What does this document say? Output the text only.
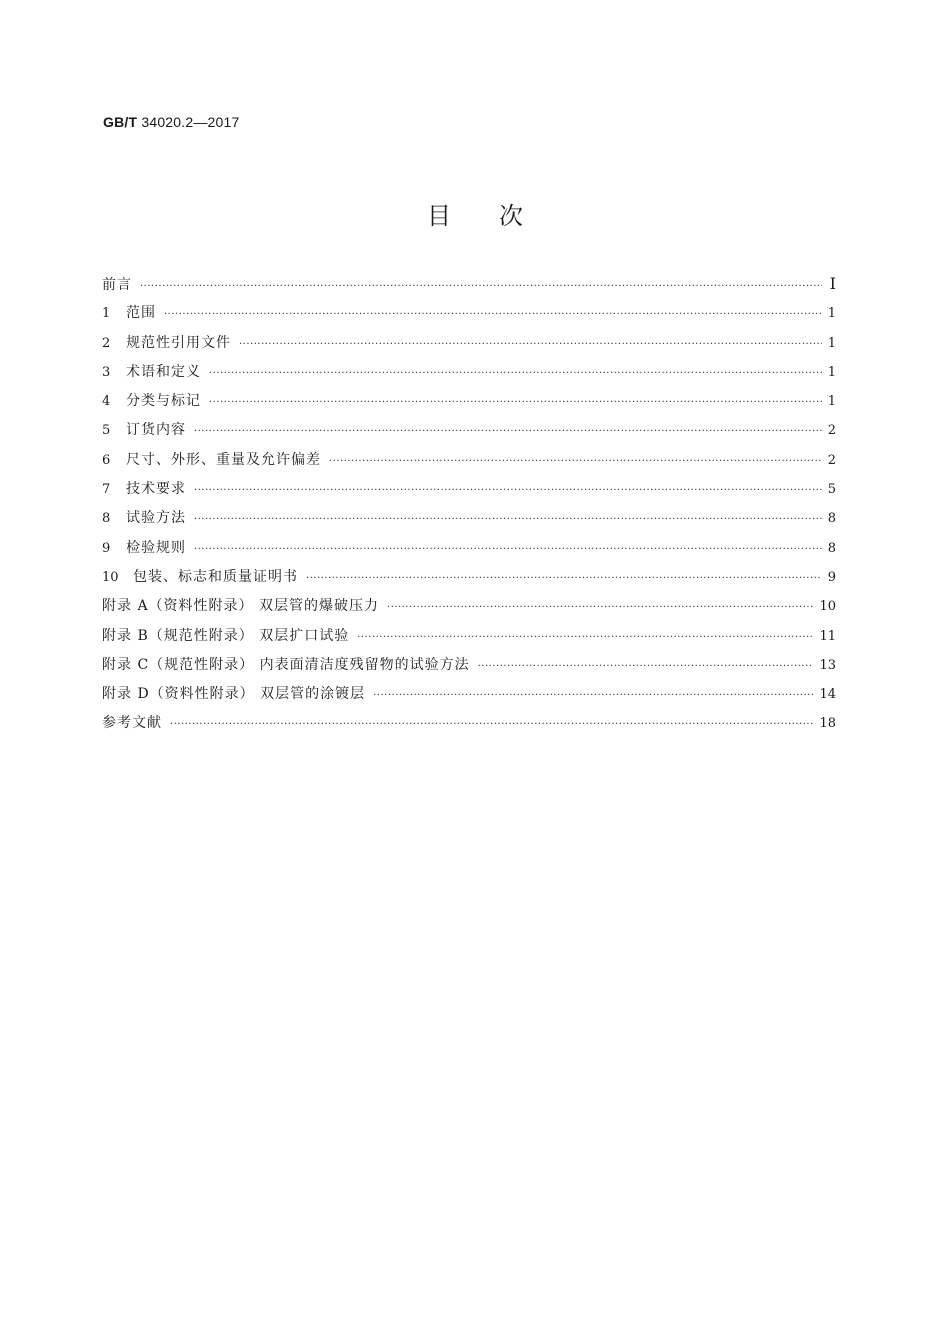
GB/T 34020.2—2017
目 次
前言 ·····	Ⅰ
1	范围 ·····	1
2	规范性引用文件 ·····	1
3	术语和定义 ·····	1
4	分类与标记 ·····	1
5	订货内容 ·····	2
6	尺寸、外形、重量及允许偏差 ·····	2
7	技术要求 ·····	5
8	试验方法 ·····	8
9	检验规则 ·····	8
10	包装、标志和质量证明书 ·····	9
附录 A（资料性附录） 双层管的爆破压力 ·····	10
附录 B（规范性附录） 双层扩口试验 ·····	11
附录 C（规范性附录） 内表面清洁度残留物的试验方法 ·····	13
附录 D（资料性附录） 双层管的涂镀层 ·····	14
参考文献 ·····	18
